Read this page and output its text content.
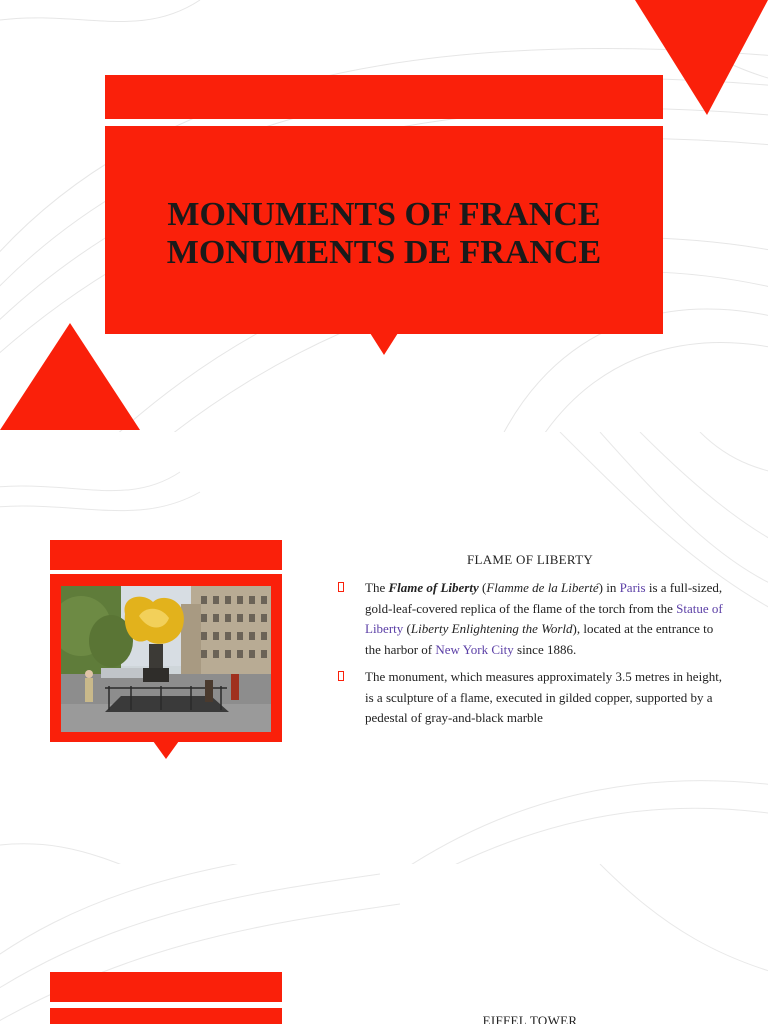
MONUMENTS OF FRANCE
MONUMENTS DE FRANCE
FLAME OF LIBERTY

The Flame of Liberty (Flamme de la Liberté) in Paris is a full-sized, gold-leaf-covered replica of the flame of the torch from the Statue of Liberty (Liberty Enlightening the World), located at the entrance to the harbor of New York City since 1886.

The monument, which measures approximately 3.5 metres in height, is a sculpture of a flame, executed in gilded copper, supported by a pedestal of gray-and-black marble

EIFFEL TOWER
